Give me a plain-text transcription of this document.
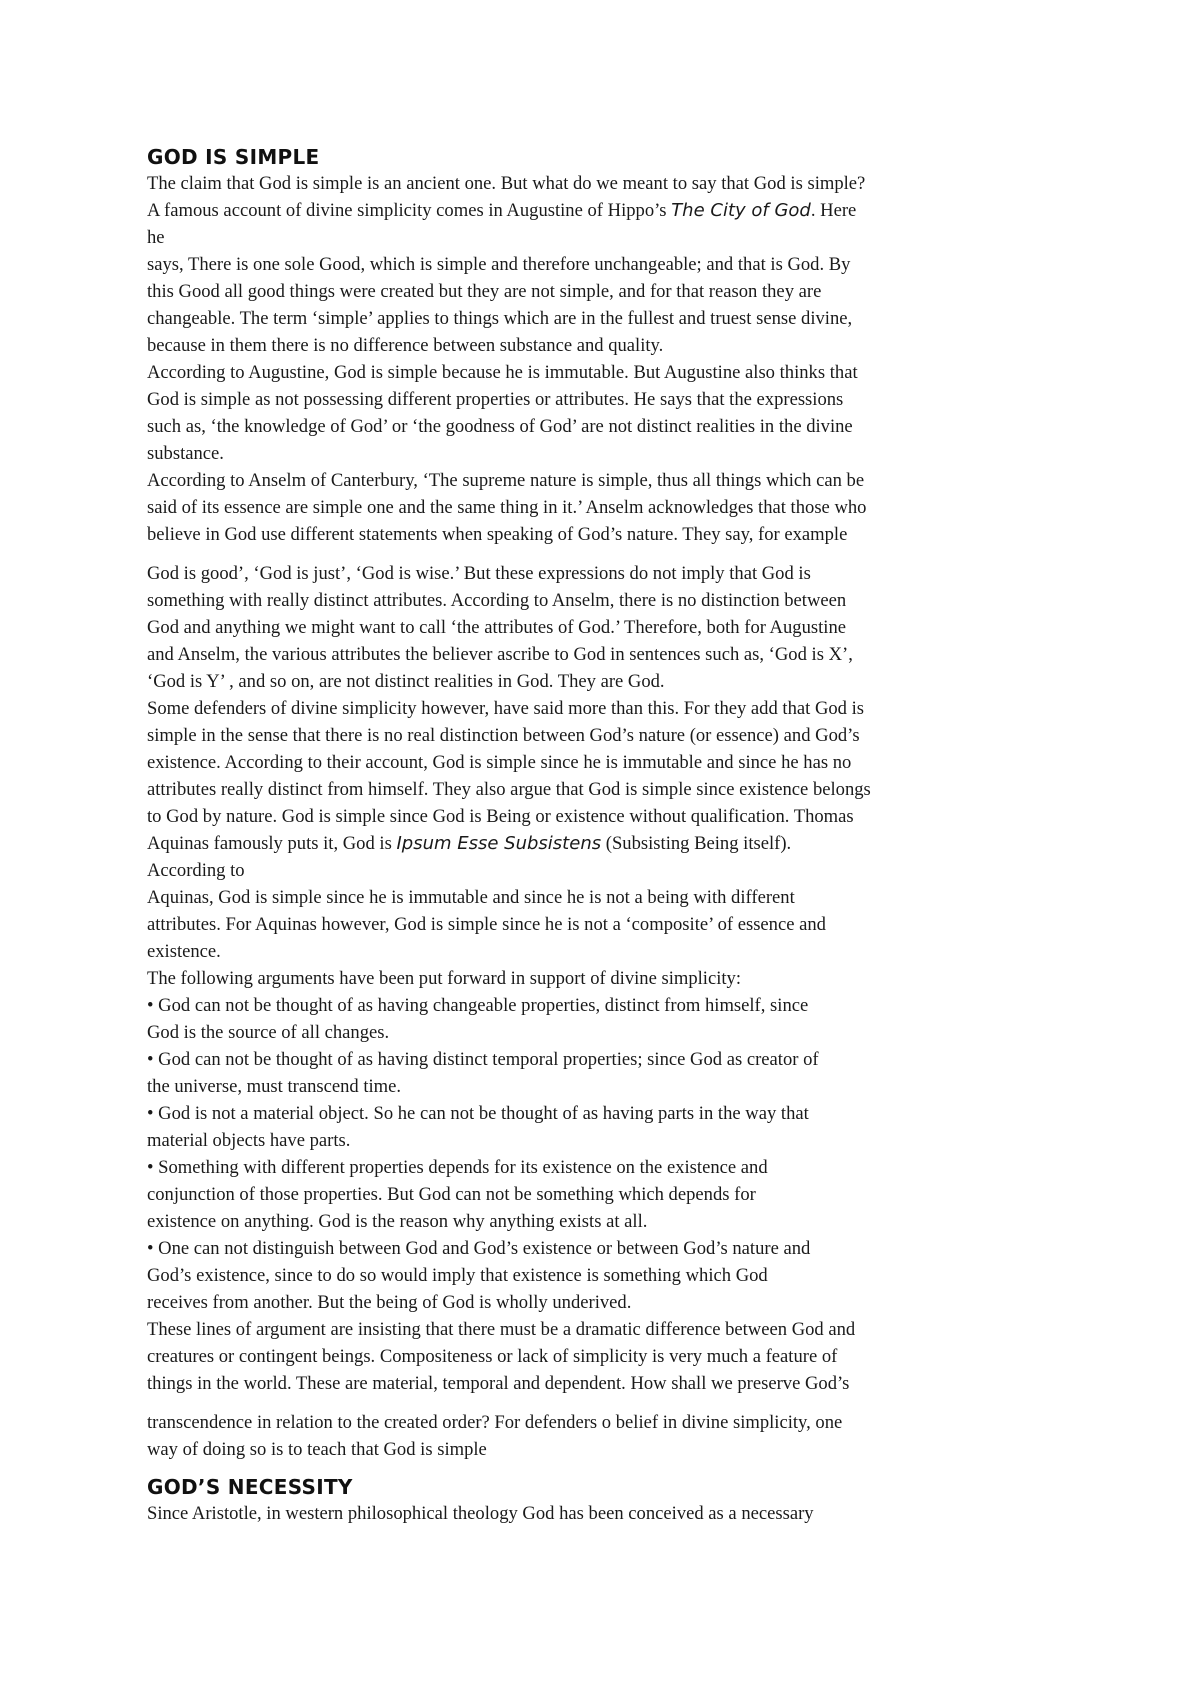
GOD IS SIMPLE
The claim that God is simple is an ancient one. But what do we meant to say that God is simple?
A famous account of divine simplicity comes in Augustine of Hippo’s The City of God. Here
he
says, There is one sole Good, which is simple and therefore unchangeable; and that is God. By
this Good all good things were created but they are not simple, and for that reason they are
changeable. The term ‘simple’ applies to things which are in the fullest and truest sense divine,
because in them there is no difference between substance and quality.
According to Augustine, God is simple because he is immutable. But Augustine also thinks that
God is simple as not possessing different properties or attributes. He says that the expressions
such as, ‘the knowledge of God’ or ‘the goodness of God’ are not distinct realities in the divine
substance.
According to Anselm of Canterbury, ‘The supreme nature is simple, thus all things which can be
said of its essence are simple one and the same thing in it.’ Anselm acknowledges that those who
believe in God use different statements when speaking of God’s nature. They say, for example
God is good’, ‘God is just’, ‘God is wise.’ But these expressions do not imply that God is
something with really distinct attributes. According to Anselm, there is no distinction between
God and anything we might want to call ‘the attributes of God.’ Therefore, both for Augustine
and Anselm, the various attributes the believer ascribe to God in sentences such as, ‘God is X’,
‘God is Y’ , and so on, are not distinct realities in God. They are God.
Some defenders of divine simplicity however, have said more than this. For they add that God is
simple in the sense that there is no real distinction between God’s nature (or essence) and God’s
existence. According to their account, God is simple since he is immutable and since he has no
attributes really distinct from himself. They also argue that God is simple since existence belongs
to God by nature. God is simple since God is Being or existence without qualification. Thomas
Aquinas famously puts it, God is Ipsum Esse Subsistens (Subsisting Being itself).
According to
Aquinas, God is simple since he is immutable and since he is not a being with different
attributes. For Aquinas however, God is simple since he is not a ‘composite’ of essence and
existence.
The following arguments have been put forward in support of divine simplicity:
• God can not be thought of as having changeable properties, distinct from himself, since
God is the source of all changes.
• God can not be thought of as having distinct temporal properties; since God as creator of
the universe, must transcend time.
• God is not a material object. So he can not be thought of as having parts in the way that
material objects have parts.
• Something with different properties depends for its existence on the existence and
conjunction of those properties. But God can not be something which depends for
existence on anything. God is the reason why anything exists at all.
• One can not distinguish between God and God’s existence or between God’s nature and
God’s existence, since to do so would imply that existence is something which God
receives from another. But the being of God is wholly underived.
These lines of argument are insisting that there must be a dramatic difference between God and
creatures or contingent beings. Compositeness or lack of simplicity is very much a feature of
things in the world. These are material, temporal and dependent. How shall we preserve God’s
transcendence in relation to the created order? For defenders o belief in divine simplicity, one
way of doing so is to teach that God is simple
GOD’S NECESSITY
Since Aristotle, in western philosophical theology God has been conceived as a necessary
